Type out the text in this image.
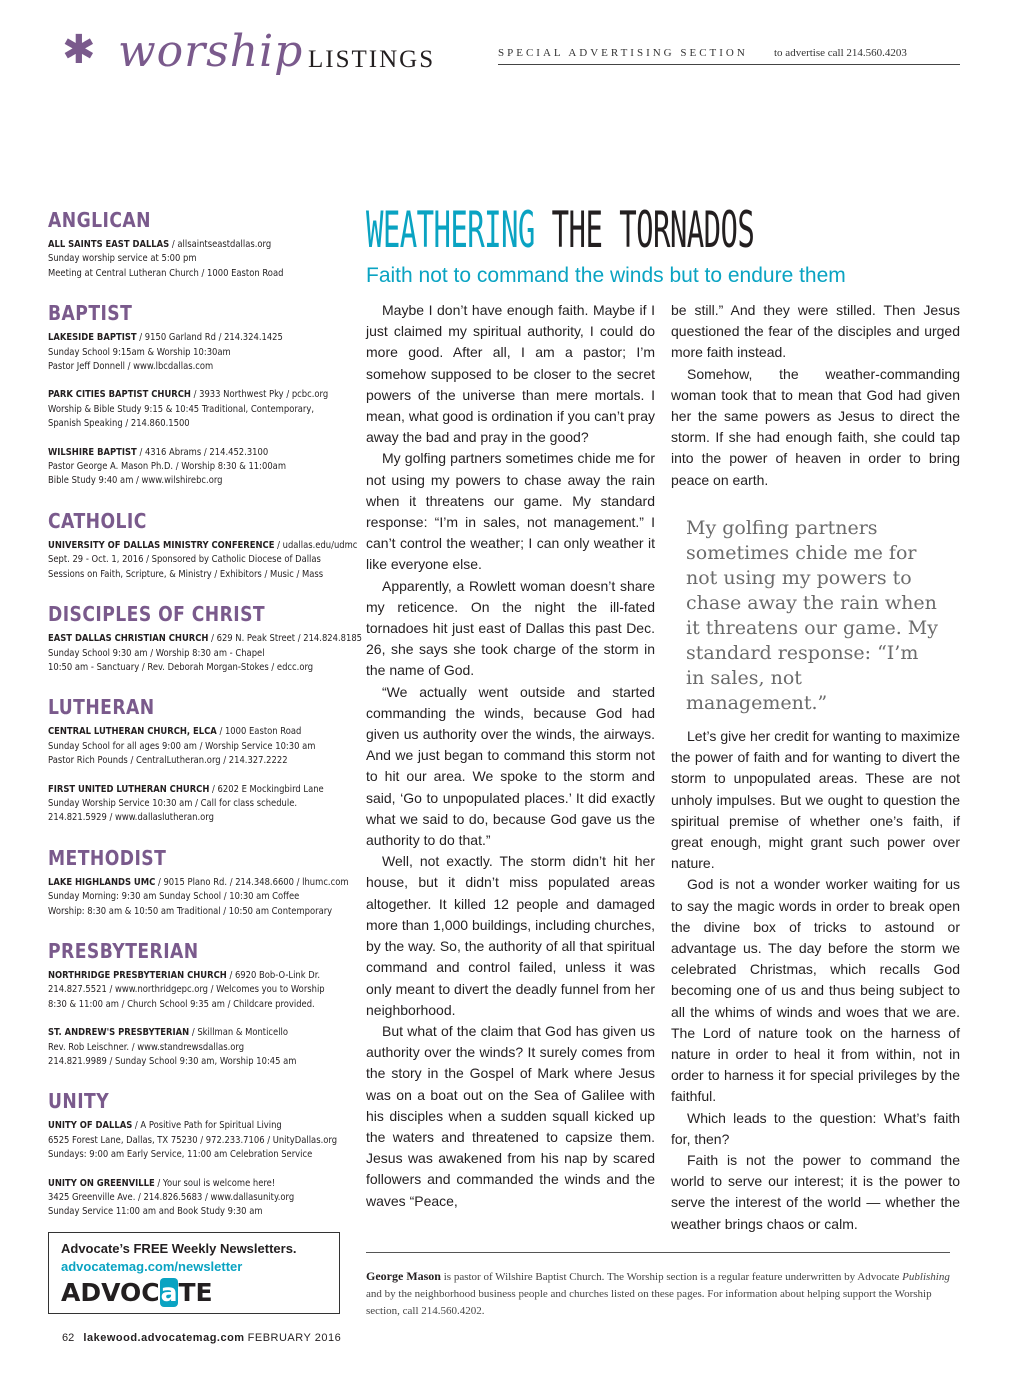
✱ worship LISTINGS	SPECIAL ADVERTISING SECTION to advertise call 214.560.4203
ANGLICAN
ALL SAINTS EAST DALLAS / allsaintseastdallas.org
Sunday worship service at 5:00 pm
Meeting at Central Lutheran Church / 1000 Easton Road
BAPTIST
LAKESIDE BAPTIST / 9150 Garland Rd / 214.324.1425
Sunday School 9:15am & Worship 10:30am
Pastor Jeff Donnell / www.lbcdallas.com
PARK CITIES BAPTIST CHURCH / 3933 Northwest Pky / pcbc.org
Worship & Bible Study 9:15 & 10:45 Traditional, Contemporary,
Spanish Speaking / 214.860.1500
WILSHIRE BAPTIST / 4316 Abrams / 214.452.3100
Pastor George A. Mason Ph.D. / Worship 8:30 & 11:00am
Bible Study 9:40 am / www.wilshirebc.org
CATHOLIC
UNIVERSITY OF DALLAS MINISTRY CONFERENCE / udallas.edu/udmc
Sept. 29 - Oct. 1, 2016 / Sponsored by Catholic Diocese of Dallas
Sessions on Faith, Scripture, & Ministry / Exhibitors / Music / Mass
DISCIPLES OF CHRIST
EAST DALLAS CHRISTIAN CHURCH / 629 N. Peak Street / 214.824.8185
Sunday School 9:30 am / Worship 8:30 am - Chapel
10:50 am - Sanctuary / Rev. Deborah Morgan-Stokes / edcc.org
LUTHERAN
CENTRAL LUTHERAN CHURCH, ELCA / 1000 Easton Road
Sunday School for all ages 9:00 am / Worship Service 10:30 am
Pastor Rich Pounds / CentralLutheran.org / 214.327.2222
FIRST UNITED LUTHERAN CHURCH / 6202 E Mockingbird Lane
Sunday Worship Service 10:30 am / Call for class schedule.
214.821.5929 / www.dallaslutheran.org
METHODIST
LAKE HIGHLANDS UMC / 9015 Plano Rd. / 214.348.6600 / lhumc.com
Sunday Morning: 9:30 am Sunday School / 10:30 am Coffee
Worship: 8:30 am & 10:50 am Traditional / 10:50 am Contemporary
PRESBYTERIAN
NORTHRIDGE PRESBYTERIAN CHURCH / 6920 Bob-O-Link Dr.
214.827.5521 / www.northridgepc.org / Welcomes you to Worship
8:30 & 11:00 am / Church School 9:35 am / Childcare provided.
ST. ANDREW'S PRESBYTERIAN / Skillman & Monticello
Rev. Rob Leischner. / www.standrewsdallas.org
214.821.9989 / Sunday School 9:30 am, Worship 10:45 am
UNITY
UNITY OF DALLAS / A Positive Path for Spiritual Living
6525 Forest Lane, Dallas, TX 75230 / 972.233.7106 / UnityDallas.org
Sundays: 9:00 am Early Service, 11:00 am Celebration Service
UNITY ON GREENVILLE / Your soul is welcome here!
3425 Greenville Ave. / 214.826.5683 / www.dallasunity.org
Sunday Service 11:00 am and Book Study 9:30 am
Advocate’s FREE Weekly Newsletters.
advocatemag.com/newsletter
ADVOCaTE
62 lakewood.advocatemag.com FEBRUARY 2016
WEATHERING THE TORNADOS
Faith not to command the winds but to endure them

Maybe I don’t have enough faith. Maybe if I just claimed my spiritual authority, I could do more good. After all, I am a pastor; I’m somehow supposed to be closer to the secret powers of the universe than mere mortals. I mean, what good is ordination if you can’t pray away the bad and pray in the good?

My golfing partners sometimes chide me for not using my powers to chase away the rain when it threatens our game. My standard response: “I’m in sales, not management.” I can’t control the weather; I can only weather it like everyone else.

Apparently, a Rowlett woman doesn’t share my reticence. On the night the ill-fated tornadoes hit just east of Dallas this past Dec. 26, she says she took charge of the storm in the name of God.

“We actually went outside and started commanding the winds, because God had given us authority over the winds, the airways. And we just began to command this storm not to hit our area. We spoke to the storm and said, ‘Go to unpopulated places.’ It did exactly what we said to do, because God gave us the authority to do that.”

Well, not exactly. The storm didn’t hit her house, but it didn’t miss populated areas altogether. It killed 12 people and damaged more than 1,000 buildings, including churches, by the way. So, the authority of all that spiritual command and control failed, unless it was only meant to divert the deadly funnel from her neighborhood.

But what of the claim that God has given us authority over the winds? It surely comes from the story in the Gospel of Mark where Jesus was on a boat out on the Sea of Galilee with his disciples when a sudden squall kicked up the waters and threatened to capsize them. Jesus was awakened from his nap by scared followers and commanded the winds and the waves “Peace,

be still.” And they were stilled. Then Jesus questioned the fear of the disciples and urged more faith instead.

Somehow, the weather-commanding woman took that to mean that God had given her the same powers as Jesus to direct the storm. If she had enough faith, she could tap into the power of heaven in order to bring peace on earth.

My golfing partners sometimes chide me for not using my powers to chase away the rain when it threatens our game. My standard response: “I’m in sales, not management.”

Let’s give her credit for wanting to maximize the power of faith and for wanting to divert the storm to unpopulated areas. These are not unholy impulses. But we ought to question the spiritual premise of whether one’s faith, if great enough, might grant such power over nature.

God is not a wonder worker waiting for us to say the magic words in order to break open the divine box of tricks to astound or advantage us. The day before the storm we celebrated Christmas, which recalls God becoming one of us and thus being subject to all the whims of winds and woes that we are. The Lord of nature took on the harness of nature in order to heal it from within, not in order to harness it for special privileges by the faithful.

Which leads to the question: What’s faith for, then?

Faith is not the power to command the world to serve our interest; it is the power to serve the interest of the world — whether the weather brings chaos or calm.

George Mason is pastor of Wilshire Baptist Church. The Worship section is a regular feature underwritten by Advocate Publishing and by the neighborhood business people and churches listed on these pages. For information about helping support the Worship section, call 214.560.4202.
